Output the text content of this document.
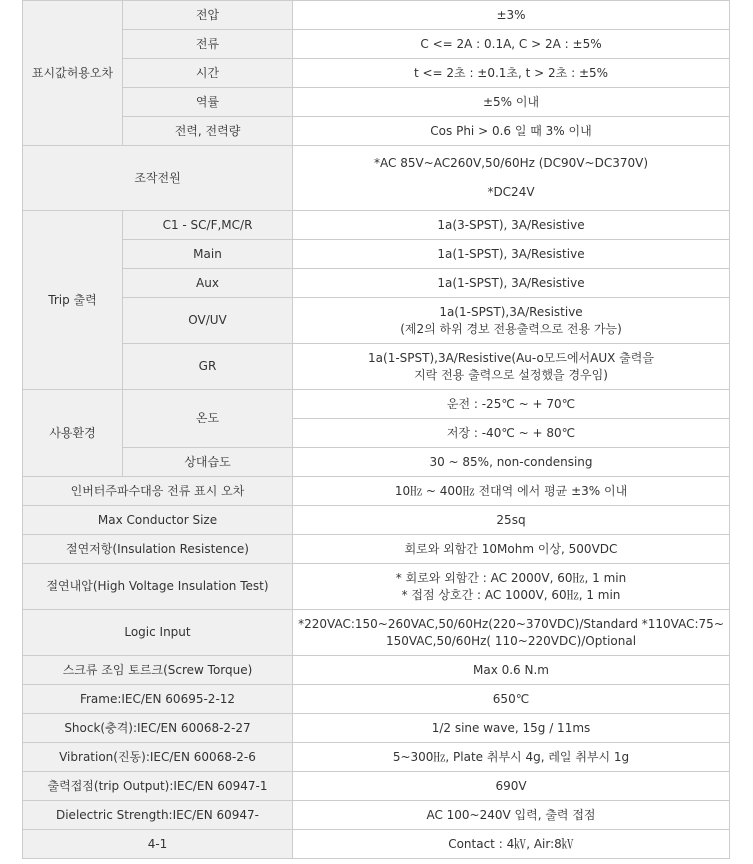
표시값허용오차	전압	±3%
	전류	C <= 2A : 0.1A, C > 2A : ±5%
	시간	t <= 2초 : ±0.1초, t > 2초 : ±5%
	역률	±5% 이내
	전력, 전력량	Cos Phi > 0.6 일 때 3% 이내
조작전원		*AC 85V~AC260V,50/60Hz (DC90V~DC370V)
*DC24V
Trip 출력	C1 - SC/F,MC/R	1a(3-SPST), 3A/Resistive
	Main	1a(1-SPST), 3A/Resistive
	Aux	1a(1-SPST), 3A/Resistive
	OV/UV	1a(1-SPST),3A/Resistive
(제2의 하위 경보 전용출력으로 전용 가능)
	GR	1a(1-SPST),3A/Resistive(Au-o모드에서AUX 출력을
지락 전용 출력으로 설정했을 경우임)
사용환경	온도	운전 : -25℃ ~ + 70℃
		저장 : -40℃ ~ + 80℃
	상대습도	30 ~ 85%, non-condensing
인버터주파수대응 전류 표시 오차		10㎐ ~ 400㎐ 전대역 에서 평균 ±3% 이내
Max Conductor Size		25sq
절연저항(Insulation Resistence)		회로와 외함간 10Mohm 이상, 500VDC
절연내압(High Voltage Insulation Test)		* 회로와 외함간 : AC 2000V, 60㎐, 1 min
* 접점 상호간 : AC 1000V, 60㎐, 1 min
Logic Input		*220VAC:150~260VAC,50/60Hz(220~370VDC)/Standard *110VAC:75~
150VAC,50/60Hz( 110~220VDC)/Optional
스크류 조임 토르크(Screw Torque)		Max 0.6 N.m
Frame:IEC/EN 60695-2-12		650℃
Shock(충격):IEC/EN 60068-2-27		1/2 sine wave, 15g / 11ms
Vibration(진동):IEC/EN 60068-2-6		5~300㎐, Plate 취부시 4g, 레일 취부시 1g
출력접점(trip Output):IEC/EN 60947-1		690V
Dielectric Strength:IEC/EN 60947-		AC 100~240V 입력, 출력 접점
4-1		Contact : 4㎸, Air:8㎸
